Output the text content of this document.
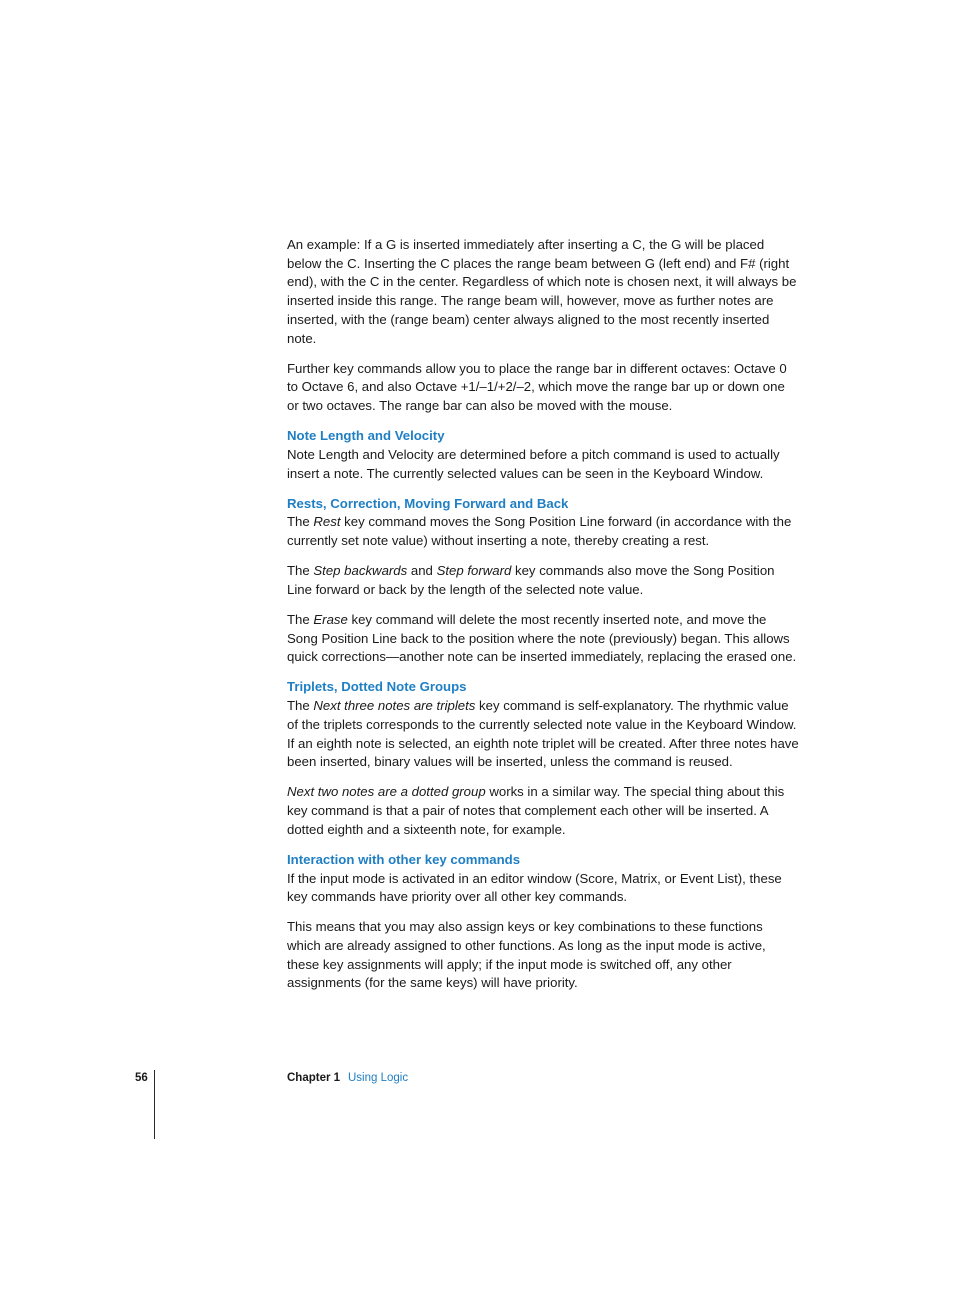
An example: If a G is inserted immediately after inserting a C, the G will be placed below the C. Inserting the C places the range beam between G (left end) and F# (right end), with the C in the center. Regardless of which note is chosen next, it will always be inserted inside this range. The range beam will, however, move as further notes are inserted, with the (range beam) center always aligned to the most recently inserted note.

Further key commands allow you to place the range bar in different octaves: Octave 0 to Octave 6, and also Octave +1/–1/+2/–2, which move the range bar up or down one or two octaves. The range bar can also be moved with the mouse.

Note Length and Velocity

Note Length and Velocity are determined before a pitch command is used to actually insert a note. The currently selected values can be seen in the Keyboard Window.

Rests, Correction, Moving Forward and Back

The Rest key command moves the Song Position Line forward (in accordance with the currently set note value) without inserting a note, thereby creating a rest.

The Step backwards and Step forward key commands also move the Song Position Line forward or back by the length of the selected note value.

The Erase key command will delete the most recently inserted note, and move the Song Position Line back to the position where the note (previously) began. This allows quick corrections—another note can be inserted immediately, replacing the erased one.

Triplets, Dotted Note Groups

The Next three notes are triplets key command is self-explanatory. The rhythmic value of the triplets corresponds to the currently selected note value in the Keyboard Window. If an eighth note is selected, an eighth note triplet will be created. After three notes have been inserted, binary values will be inserted, unless the command is reused.

Next two notes are a dotted group works in a similar way. The special thing about this key command is that a pair of notes that complement each other will be inserted. A dotted eighth and a sixteenth note, for example.

Interaction with other key commands

If the input mode is activated in an editor window (Score, Matrix, or Event List), these key commands have priority over all other key commands.

This means that you may also assign keys or key combinations to these functions which are already assigned to other functions. As long as the input mode is active, these key assignments will apply; if the input mode is switched off, any other assignments (for the same keys) will have priority.

56	Chapter 1 Using Logic
